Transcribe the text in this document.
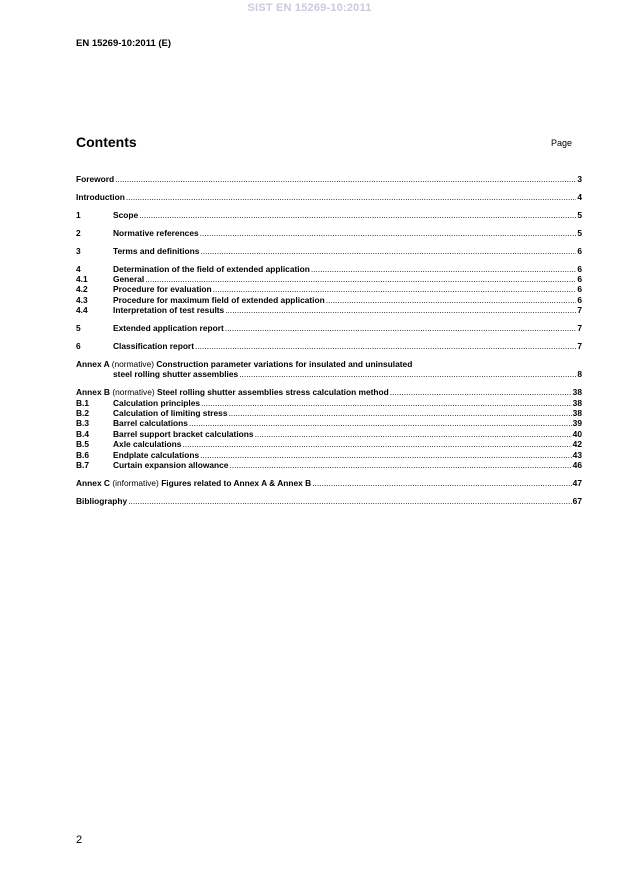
SIST EN 15269-10:2011
EN 15269-10:2011 (E)
Contents	Page
Foreword .....	3
Introduction .....	4
1	Scope .....	5
2	Normative references .....	5
3	Terms and definitions .....	6
4	Determination of the field of extended application .....	6
4.1	General .....	6
4.2	Procedure for evaluation .....	6
4.3	Procedure for maximum field of extended application .....	6
4.4	Interpretation of test results .....	7
5	Extended application report .....	7
6	Classification report .....	7
Annex A (normative) Construction parameter variations for insulated and uninsulated
steel rolling shutter assemblies .....	8
Annex B (normative) Steel rolling shutter assemblies stress calculation method .....	38
B.1	Calculation principles .....	38
B.2	Calculation of limiting stress .....	38
B.3	Barrel calculations .....	39
B.4	Barrel support bracket calculations .....	40
B.5	Axle calculations .....	42
B.6	Endplate calculations .....	43
B.7	Curtain expansion allowance .....	46
Annex C (informative) Figures related to Annex A & Annex B .....	47
Bibliography .....	67
2
